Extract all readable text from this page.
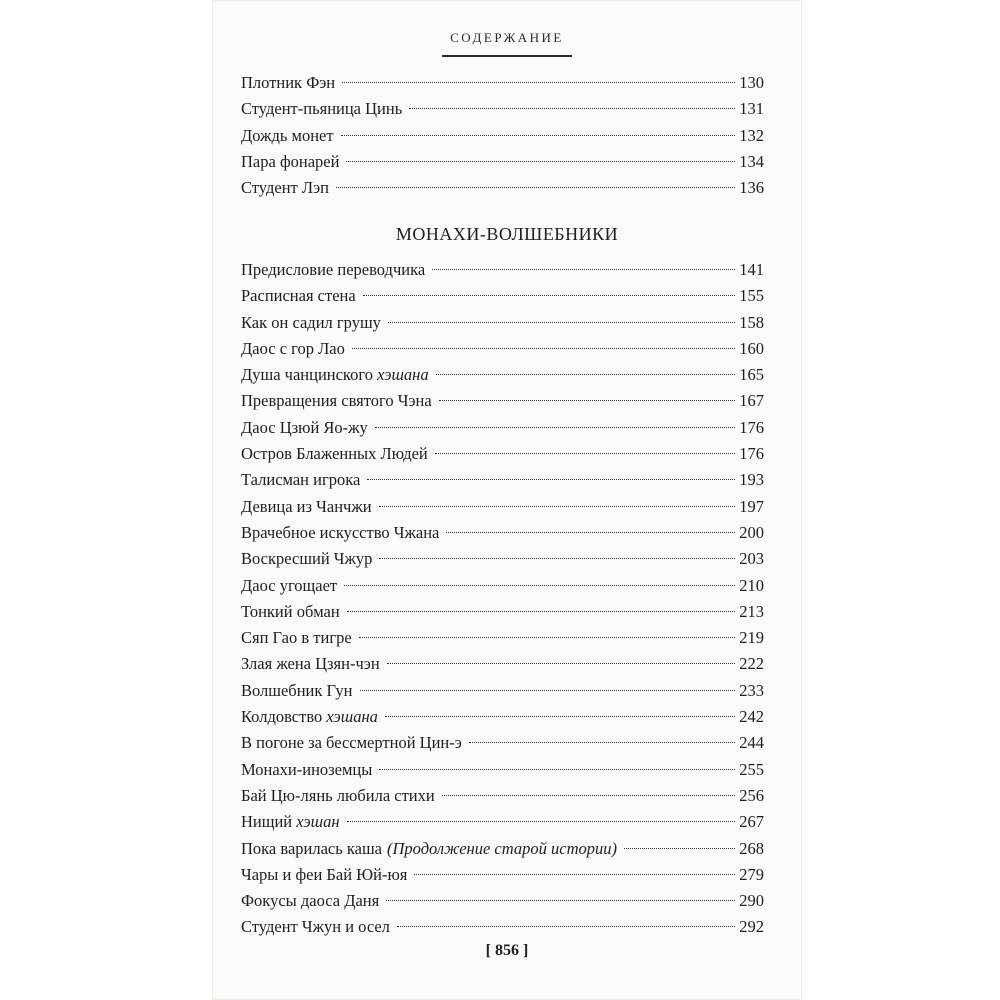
СОДЕРЖАНИЕ
Плотник Фэн	130
Студент-пьяница Цинь	131
Дождь монет	132
Пара фонарей	134
Студент Лэп	136
МОНАХИ-ВОЛШЕБНИКИ
Предисловие переводчика	141
Расписная стена	155
Как он садил грушу	158
Даос с гор Лао	160
Душа чанцинского хэшана	165
Превращения святого Чэна	167
Даос Цзюй Яо-жу	176
Остров Блаженных Людей	176
Талисман игрока	193
Девица из Чанчжи	197
Врачебное искусство Чжана	200
Воскресший Чжур	203
Даос угощает	210
Тонкий обман	213
Сяп Гао в тигре	219
Злая жена Цзян-чэн	222
Волшебник Гун	233
Колдовство хэшана	242
В погоне за бессмертной Цин-э	244
Монахи-иноземцы	255
Бай Цю-лянь любила стихи	256
Нищий хэшан	267
Пока варилась каша (Продолжение старой истории)	268
Чары и феи Бай Юй-юя	279
Фокусы даоса Даня	290
Студент Чжун и осел	292
[ 856 ]
